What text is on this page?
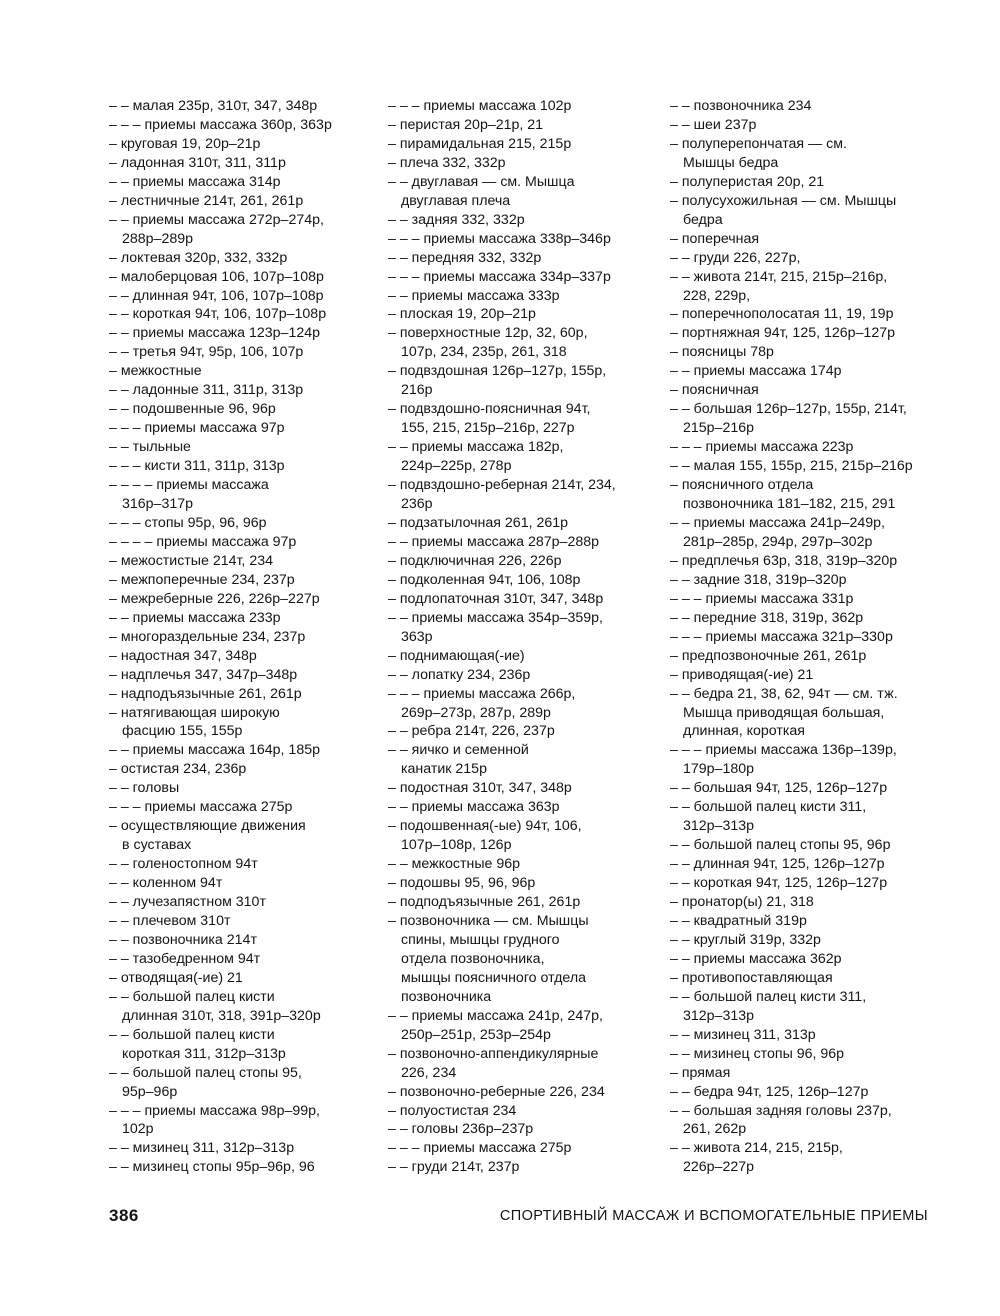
– – малая 235р, 310т, 347, 348р
– – – приемы массажа 360р, 363р
– круговая 19, 20р–21р
– ладонная 310т, 311, 311р
– – приемы массажа 314р
– лестничные 214т, 261, 261р
– – приемы массажа 272р–274р,
288р–289р
– локтевая 320р, 332, 332р
– малоберцовая 106, 107р–108р
– – длинная 94т, 106, 107р–108р
– – короткая 94т, 106, 107р–108р
– – приемы массажа 123р–124р
– – третья 94т, 95р, 106, 107р
– межкостные
– – ладонные 311, 311р, 313р
– – подошвенные 96, 96р
– – – приемы массажа 97р
– – тыльные
– – – кисти 311, 311р, 313р
– – – – приемы массажа
316р–317р
– – – стопы 95р, 96, 96р
– – – – приемы массажа 97р
– межостистые 214т, 234
– межпоперечные 234, 237р
– межреберные 226, 226р–227р
– – приемы массажа 233р
– многораздельные 234, 237р
– надостная 347, 348р
– надплечья 347, 347р–348р
– надподъязычные 261, 261р
– натягивающая широкую
фасцию 155, 155р
– – приемы массажа 164р, 185р
– остистая 234, 236р
– – головы
– – – приемы массажа 275р
– осуществляющие движения
в суставах
– – голеностопном 94т
– – коленном 94т
– – лучезапястном 310т
– – плечевом 310т
– – позвоночника 214т
– – тазобедренном 94т
– отводящая(-ие) 21
– – большой палец кисти
длинная 310т, 318, 391р–320р
– – большой палец кисти
короткая 311, 312р–313р
– – большой палец стопы 95,
95р–96р
– – – приемы массажа 98р–99р,
102р
– – мизинец 311, 312р–313р
– – мизинец стопы 95р–96р, 96
– – – приемы массажа 102р
– перистая 20р–21р, 21
– пирамидальная 215, 215р
– плеча 332, 332р
– – двуглавая — см. Мышца
двуглавая плеча
– – задняя 332, 332р
– – – приемы массажа 338р–346р
– – передняя 332, 332р
– – – приемы массажа 334р–337р
– – приемы массажа 333р
– плоская 19, 20р–21р
– поверхностные 12р, 32, 60р,
107р, 234, 235р, 261, 318
– подвздошная 126р–127р, 155р,
216р
– подвздошно-поясничная 94т,
155, 215, 215р–216р, 227р
– – приемы массажа 182р,
224р–225р, 278р
– подвздошно-реберная 214т, 234,
236р
– подзатылочная 261, 261р
– – приемы массажа 287р–288р
– подключичная 226, 226р
– подколенная 94т, 106, 108р
– подлопаточная 310т, 347, 348р
– – приемы массажа 354р–359р,
363р
– поднимающая(-ие)
– – лопатку 234, 236р
– – – приемы массажа 266р,
269р–273р, 287р, 289р
– – ребра 214т, 226, 237р
– – яичко и семенной
канатик 215р
– подостная 310т, 347, 348р
– – приемы массажа 363р
– подошвенная(-ые) 94т, 106,
107р–108р, 126р
– – межкостные 96р
– подошвы 95, 96, 96р
– подподъязычные 261, 261р
– позвоночника — см. Мышцы
спины, мышцы грудного
отдела позвоночника,
мышцы поясничного отдела
позвоночника
– – приемы массажа 241р, 247р,
250р–251р, 253р–254р
– позвоночно-аппендикулярные
226, 234
– позвоночно-реберные 226, 234
– полуостистая 234
– – головы 236р–237р
– – – приемы массажа 275р
– – груди 214т, 237р
– – позвоночника 234
– – шеи 237р
– полуперепончатая — см.
Мышцы бедра
– полуперистая 20р, 21
– полусухожильная — см. Мышцы
бедра
– поперечная
– – груди 226, 227р,
– – живота 214т, 215, 215р–216р,
228, 229р,
– поперечнополосатая 11, 19, 19р
– портняжная 94т, 125, 126р–127р
– поясницы 78р
– – приемы массажа 174р
– поясничная
– – большая 126р–127р, 155р, 214т,
215р–216р
– – – приемы массажа 223р
– – малая 155, 155р, 215, 215р–216р
– поясничного отдела
позвоночника 181–182, 215, 291
– – приемы массажа 241р–249р,
281р–285р, 294р, 297р–302р
– предплечья 63р, 318, 319р–320р
– – задние 318, 319р–320р
– – – приемы массажа 331р
– – передние 318, 319р, 362р
– – – приемы массажа 321р–330р
– предпозвоночные 261, 261р
– приводящая(-ие) 21
– – бедра 21, 38, 62, 94т — см. тж.
Мышца приводящая большая,
длинная, короткая
– – – приемы массажа 136р–139р,
179р–180р
– – большая 94т, 125, 126р–127р
– – большой палец кисти 311,
312р–313р
– – большой палец стопы 95, 96р
– – длинная 94т, 125, 126р–127р
– – короткая 94т, 125, 126р–127р
– пронатор(ы) 21, 318
– – квадратный 319р
– – круглый 319р, 332р
– – приемы массажа 362р
– противопоставляющая
– – большой палец кисти 311,
312р–313р
– – мизинец 311, 313р
– – мизинец стопы 96, 96р
– прямая
– – бедра 94т, 125, 126р–127р
– – большая задняя головы 237р,
261, 262р
– – живота 214, 215, 215р,
226р–227р
386	СПОРТИВНЫЙ МАССАЖ И ВСПОМОГАТЕЛЬНЫЕ ПРИЕМЫ
